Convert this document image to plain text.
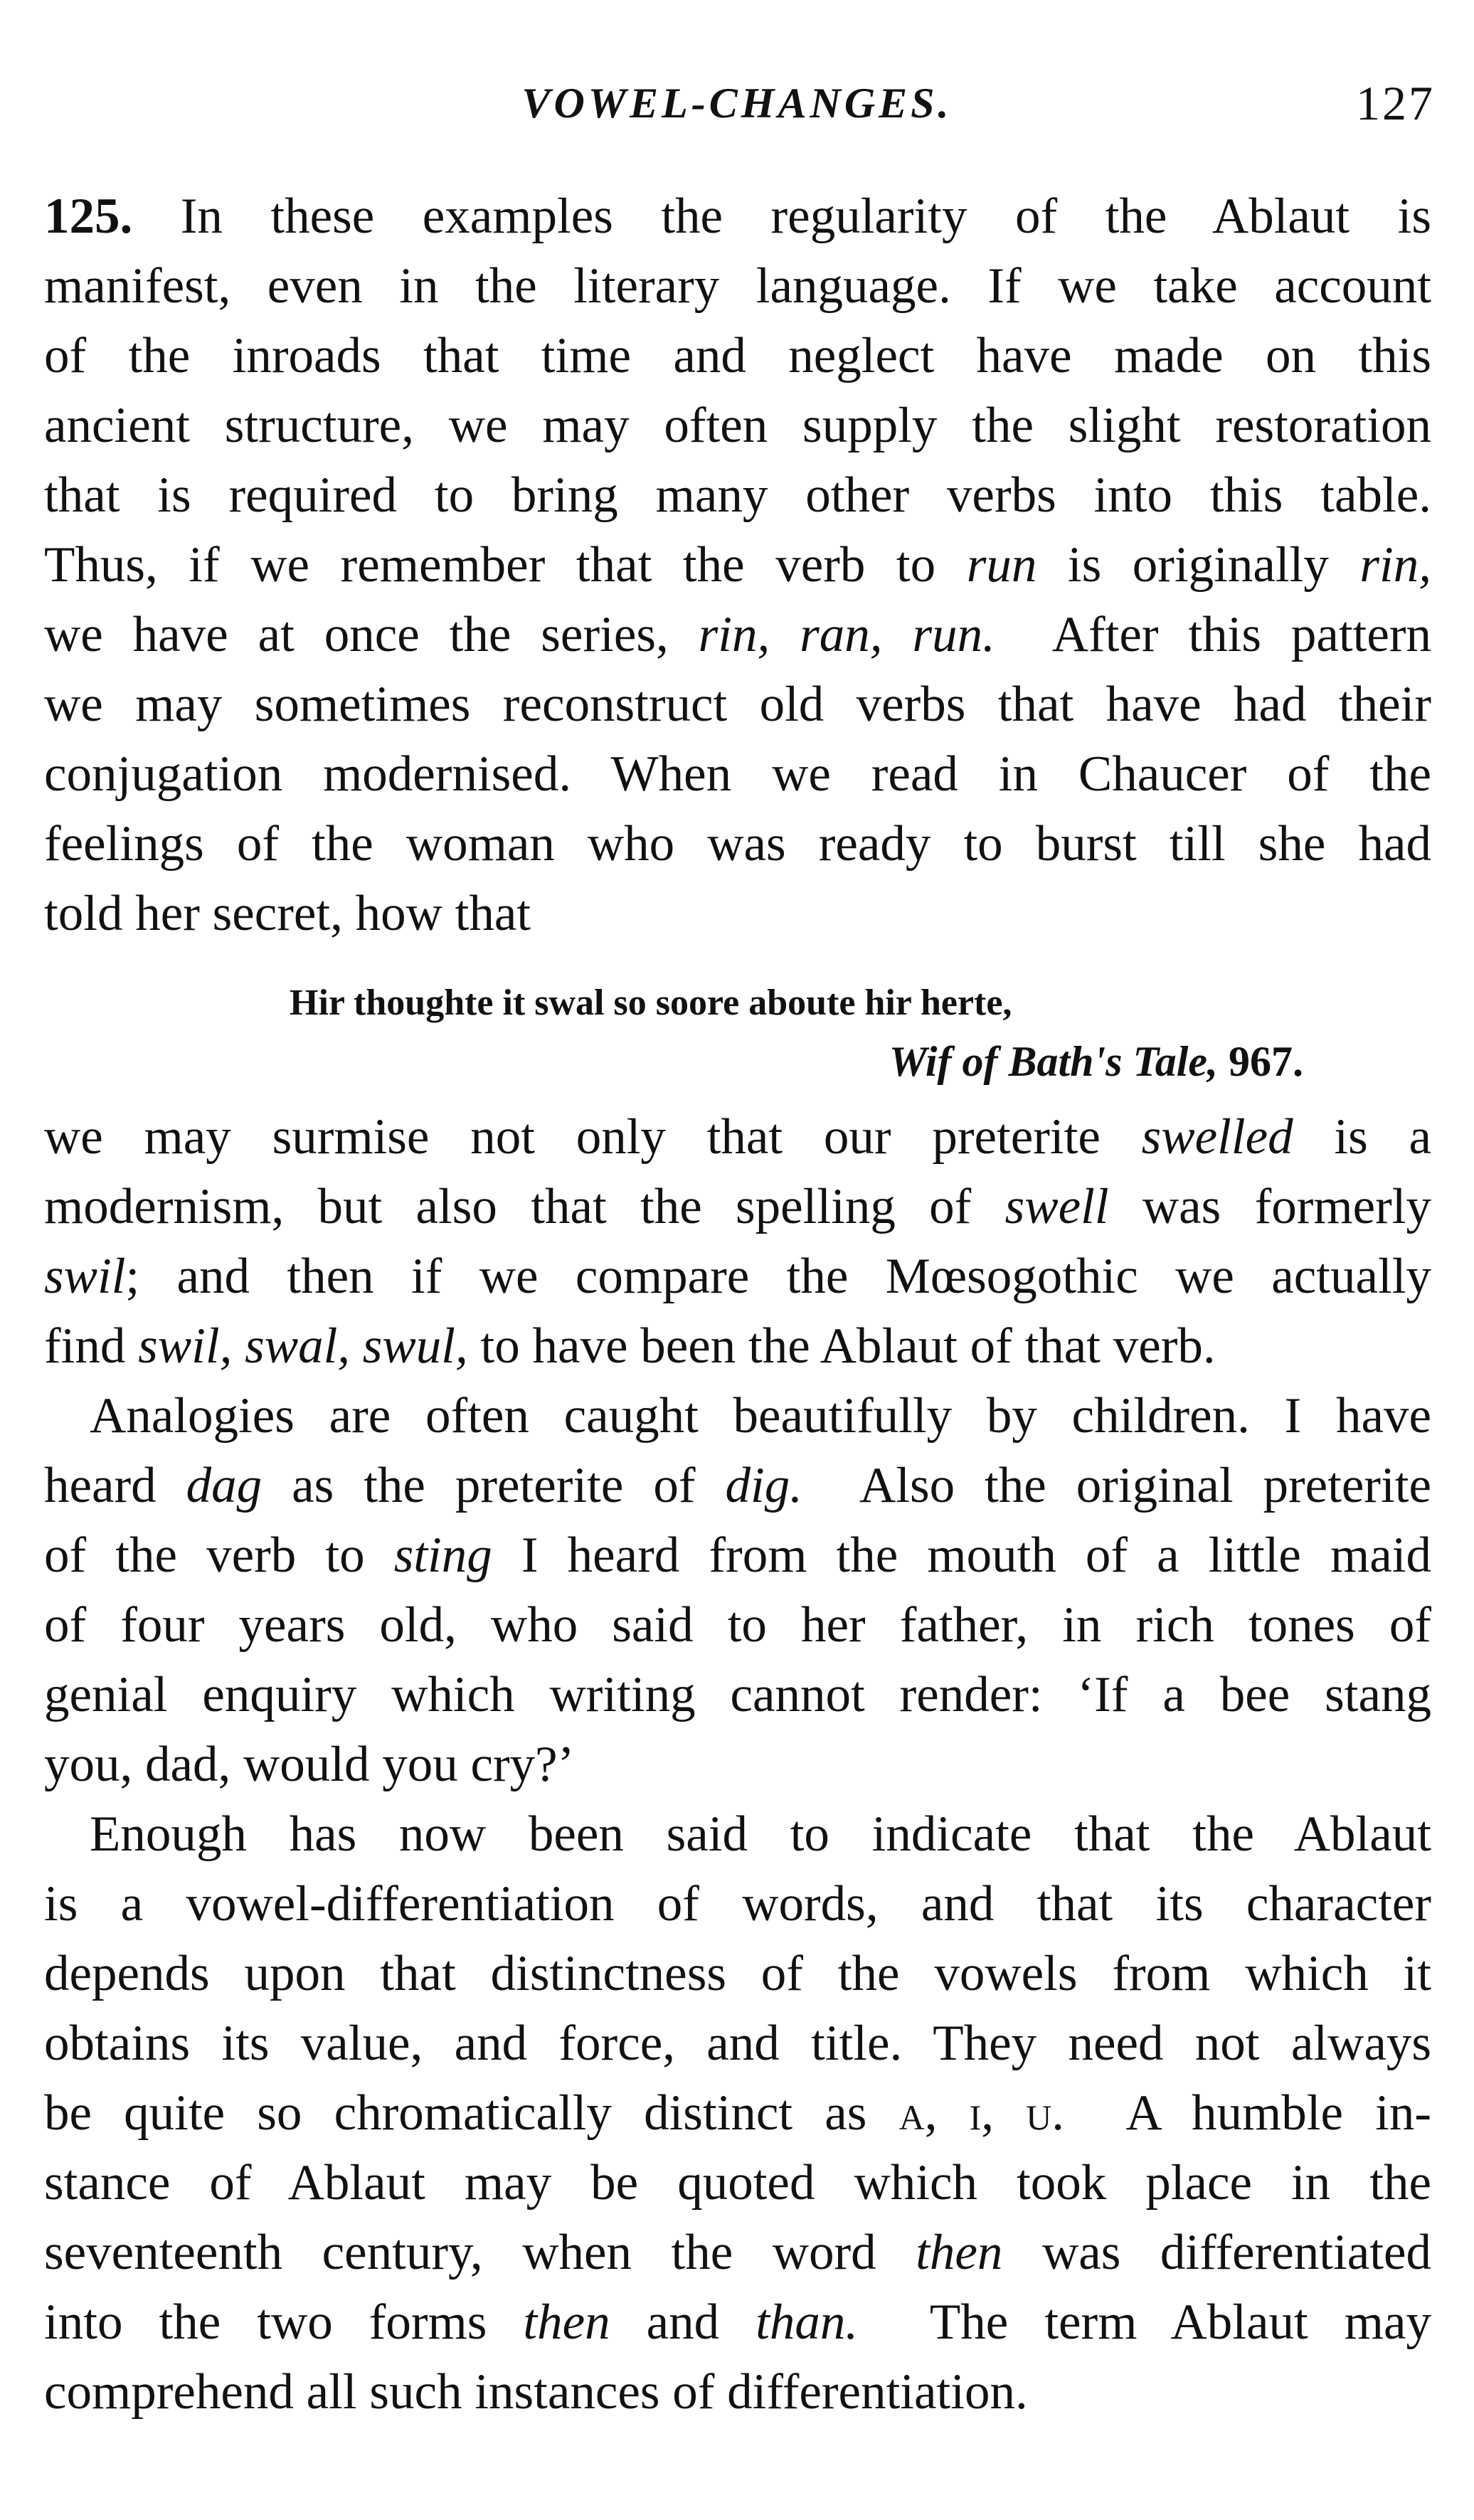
VOWEL-CHANGES.	127
125. In these examples the regularity of the Ablaut is
manifest, even in the literary language. If we take account
of the inroads that time and neglect have made on this
ancient structure, we may often supply the slight restoration
that is required to bring many other verbs into this table.
Thus, if we remember that the verb to run is originally rin,
we have at once the series, rin, ran, run. After this pattern
we may sometimes reconstruct old verbs that have had their
conjugation modernised. When we read in Chaucer of the
feelings of the woman who was ready to burst till she had
told her secret, how that
Hir thoughte it swal so soore aboute hir herte,
Wif of Bath's Tale, 967.
we may surmise not only that our preterite swelled is a
modernism, but also that the spelling of swell was formerly
swil; and then if we compare the Mœsogothic we actually
find swil, swal, swul, to have been the Ablaut of that verb.
Analogies are often caught beautifully by children. I have
heard dag as the preterite of dig. Also the original preterite
of the verb to sting I heard from the mouth of a little maid
of four years old, who said to her father, in rich tones of
genial enquiry which writing cannot render: ‘If a bee stang
you, dad, would you cry?’
Enough has now been said to indicate that the Ablaut
is a vowel-differentiation of words, and that its character
depends upon that distinctness of the vowels from which it
obtains its value, and force, and title. They need not always
be quite so chromatically distinct as a, i, u. A humble in-
stance of Ablaut may be quoted which took place in the
seventeenth century, when the word then was differentiated
into the two forms then and than. The term Ablaut may
comprehend all such instances of differentiation.
